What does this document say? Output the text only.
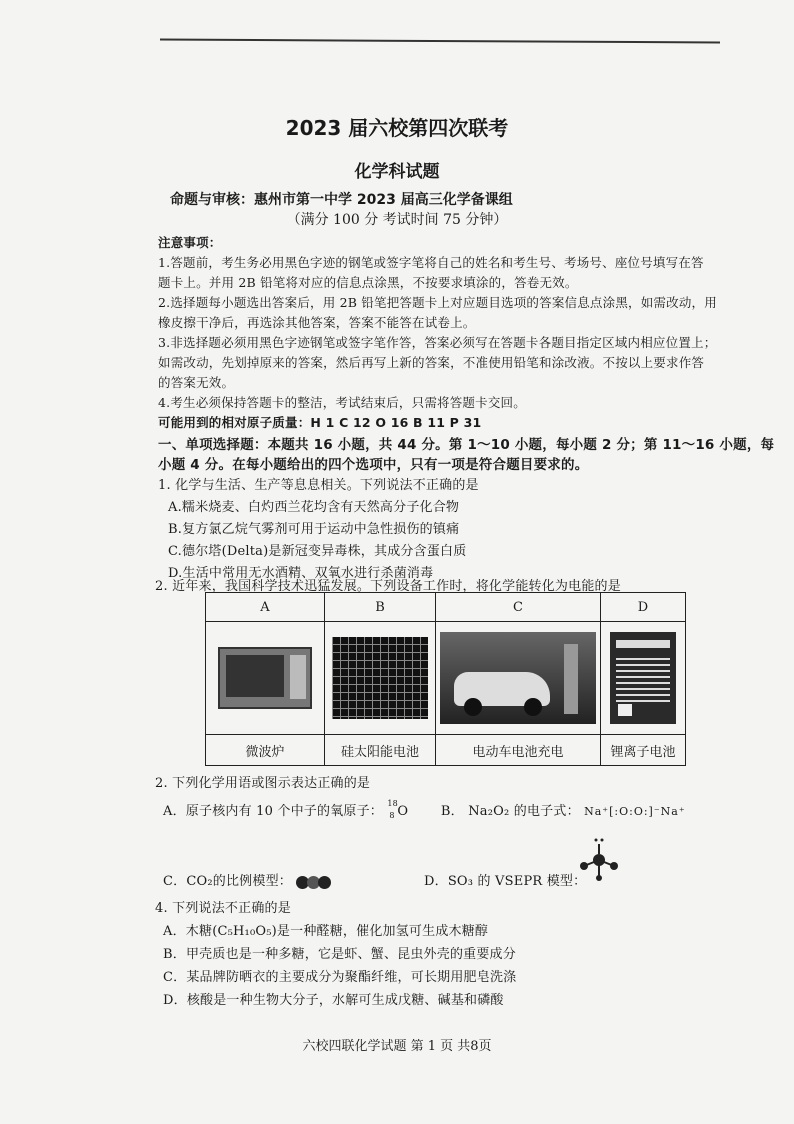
2023 届六校第四次联考
化学科试题
命题与审核：惠州市第一中学 2023 届高三化学备课组
（满分 100 分 考试时间 75 分钟）
注意事项：
1.答题前，考生务必用黑色字迹的钢笔或签字笔将自己的姓名和考生号、考场号、座位号填写在答
题卡上。并用 2B 铅笔将对应的信息点涂黑，不按要求填涂的，答卷无效。
2.选择题每小题选出答案后，用 2B 铅笔把答题卡上对应题目选项的答案信息点涂黑，如需改动，用
橡皮擦干净后，再选涂其他答案，答案不能答在试卷上。
3.非选择题必须用黑色字迹钢笔或签字笔作答，答案必须写在答题卡各题目指定区域内相应位置上；
如需改动，先划掉原来的答案，然后再写上新的答案，不准使用铅笔和涂改液。不按以上要求作答
的答案无效。
4.考生必须保持答题卡的整洁，考试结束后，只需将答题卡交回。
可能用到的相对原子质量：H 1 C 12 O 16 B 11 P 31
一、单项选择题：本题共 16 小题，共 44 分。第 1～10 小题，每小题 2 分；第 11～16 小题，每
小题 4 分。在每小题给出的四个选项中，只有一项是符合题目要求的。
1. 化学与生活、生产等息息相关。下列说法不正确的是
A.糯米烧麦、白灼西兰花均含有天然高分子化合物
B.复方氯乙烷气雾剂可用于运动中急性损伤的镇痛
C.德尔塔(Delta)是新冠变异毒株，其成分含蛋白质
D.生活中常用无水酒精、双氧水进行杀菌消毒
2. 近年来，我国科学技术迅猛发展。下列设备工作时，将化学能转化为电能的是
A	B	C	D

微波炉	硅太阳能电池	电动车电池充电	锂离子电池
2. 下列化学用语或图示表达正确的是
A．原子核内有 10 个中子的氧原子：
18
8 O	B． Na₂O₂ 的电子式： Na⁺[:O:O:]⁻Na⁺
C．CO₂的比例模型：	D．SO₃ 的 VSEPR 模型：
4. 下列说法不正确的是
A．木糖(C₅H₁₀O₅)是一种醛糖，催化加氢可生成木糖醇
B．甲壳质也是一种多糖，它是虾、蟹、昆虫外壳的重要成分
C．某品牌防晒衣的主要成分为聚酯纤维，可长期用肥皂洗涤
D．核酸是一种生物大分子，水解可生成戊糖、碱基和磷酸
六校四联化学试题 第 1 页 共8页
